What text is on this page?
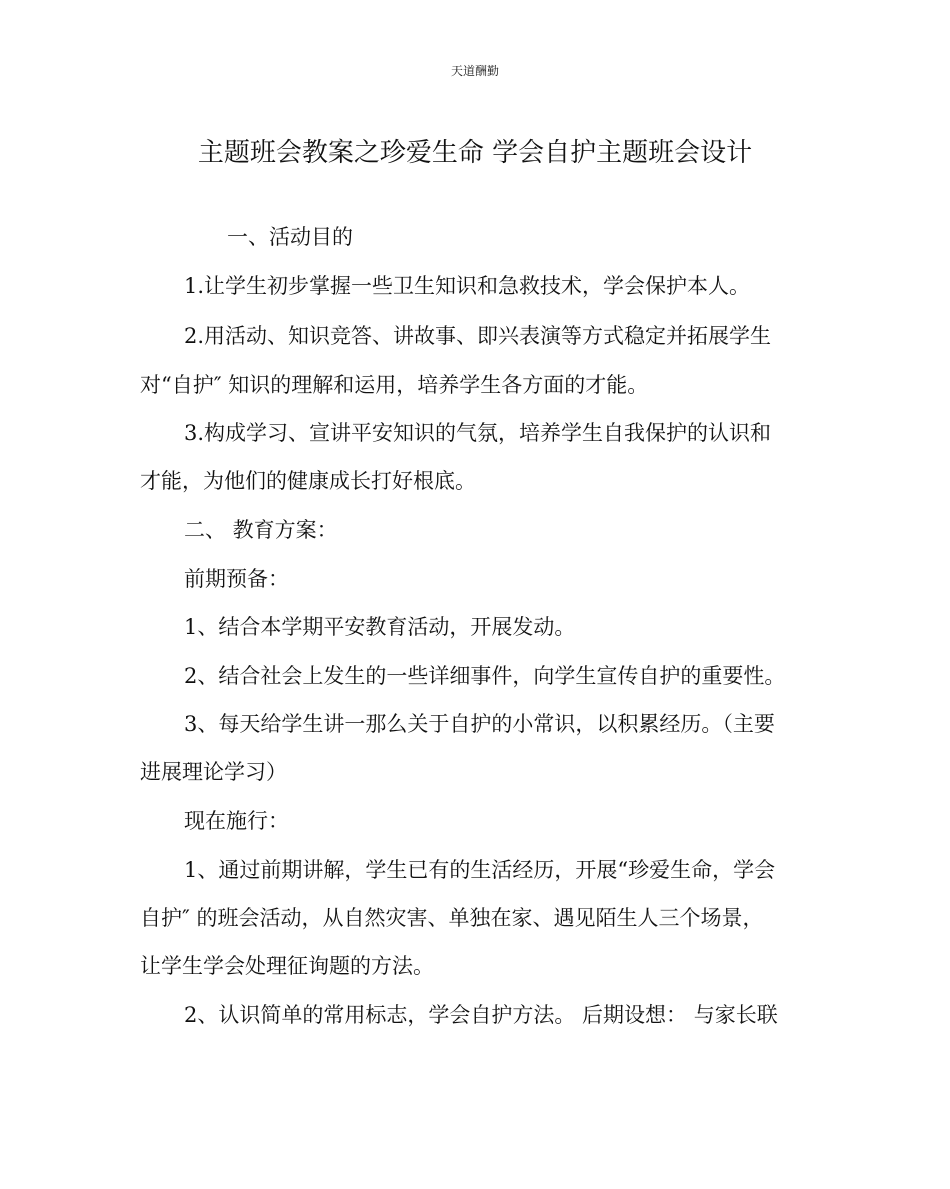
天道酬勤
主题班会教案之珍爱生命 学会自护主题班会设计
一、活动目的
1.让学生初步掌握一些卫生知识和急救技术，学会保护本人。
2.用活动、知识竞答、讲故事、即兴表演等方式稳定并拓展学生
对“自护″ 知识的理解和运用，培养学生各方面的才能。
3.构成学习、宣讲平安知识的气氛，培养学生自我保护的认识和
才能，为他们的健康成长打好根底。
二、 教育方案：
前期预备：
1、结合本学期平安教育活动，开展发动。
2、结合社会上发生的一些详细事件，向学生宣传自护的重要性。
3、每天给学生讲一那么关于自护的小常识，以积累经历。（主要
进展理论学习）
现在施行：
1、通过前期讲解，学生已有的生活经历，开展“珍爱生命，学会
自护″ 的班会活动，从自然灾害、单独在家、遇见陌生人三个场景，
让学生学会处理征询题的方法。
2、认识简单的常用标志，学会自护方法。 后期设想： 与家长联
